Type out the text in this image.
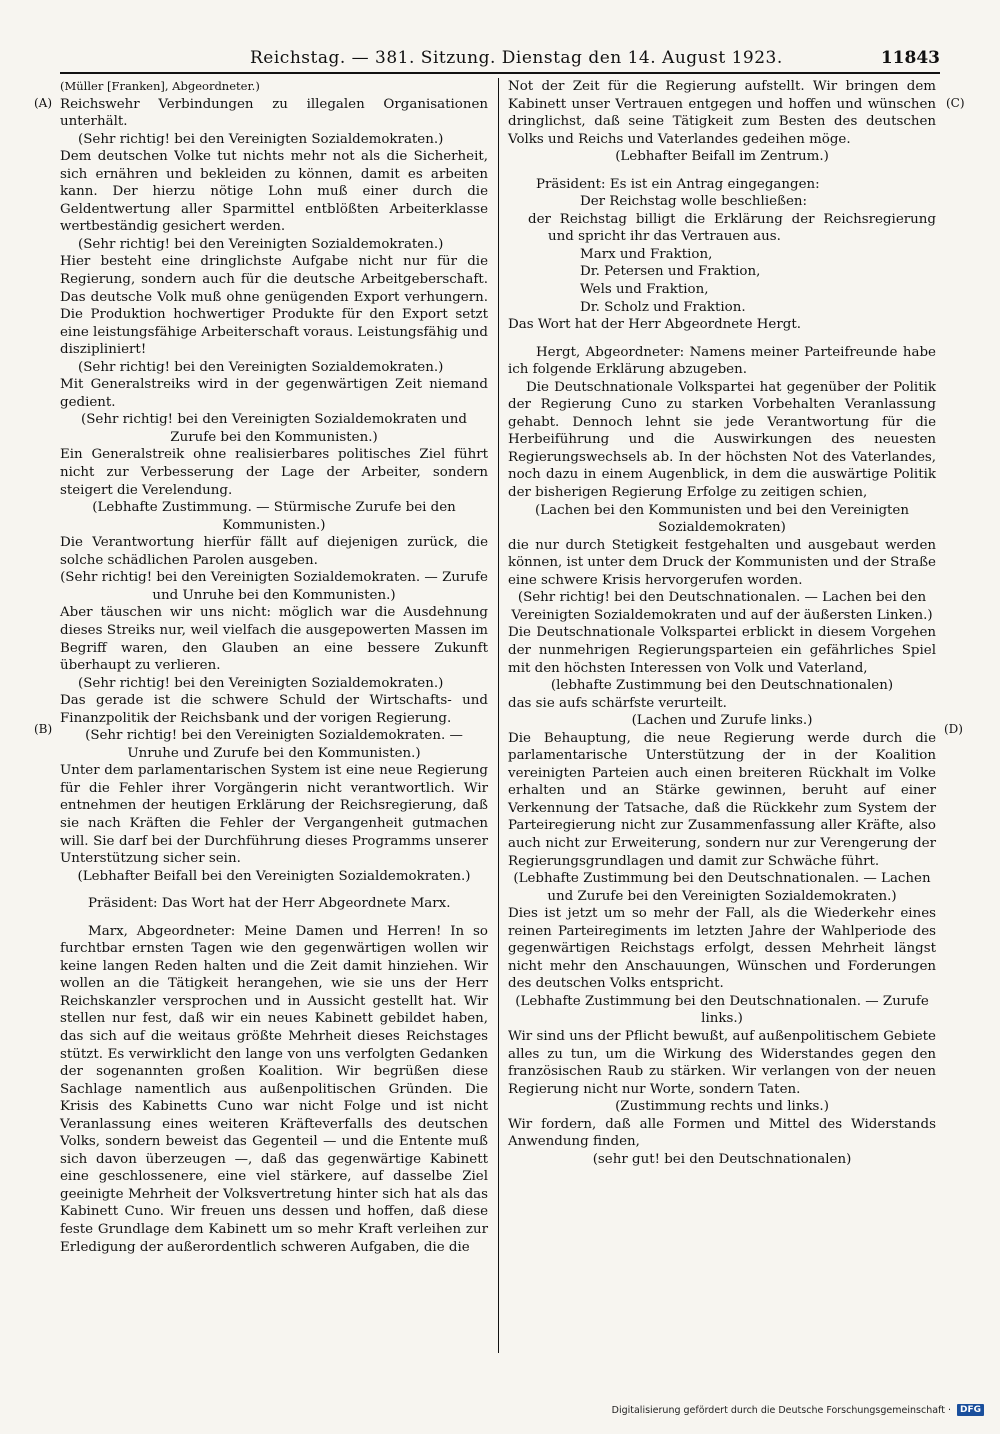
Reichstag. — 381. Sitzung. Dienstag den 14. August 1923.	11843
(A)
(B)
(C)
(D)

(Müller [Franken], Abgeordneter.)

Reichswehr Verbindungen zu illegalen Organisationen unterhält.

(Sehr richtig! bei den Vereinigten Sozialdemokraten.)

Dem deutschen Volke tut nichts mehr not als die Sicherheit, sich ernähren und bekleiden zu können, damit es arbeiten kann. Der hierzu nötige Lohn muß einer durch die Geldentwertung aller Sparmittel entblößten Arbeiterklasse wertbeständig gesichert werden.

(Sehr richtig! bei den Vereinigten Sozialdemokraten.)

Hier besteht eine dringlichste Aufgabe nicht nur für die Regierung, sondern auch für die deutsche Arbeitgeberschaft. Das deutsche Volk muß ohne genügenden Export verhungern. Die Produktion hochwertiger Produkte für den Export setzt eine leistungsfähige Arbeiterschaft voraus. Leistungsfähig und diszipliniert!

(Sehr richtig! bei den Vereinigten Sozialdemokraten.)

Mit Generalstreiks wird in der gegenwärtigen Zeit niemand gedient.

(Sehr richtig! bei den Vereinigten Sozialdemokraten und Zurufe bei den Kommunisten.)

Ein Generalstreik ohne realisierbares politisches Ziel führt nicht zur Verbesserung der Lage der Arbeiter, sondern steigert die Verelendung.

(Lebhafte Zustimmung. — Stürmische Zurufe bei den Kommunisten.)

Die Verantwortung hierfür fällt auf diejenigen zurück, die solche schädlichen Parolen ausgeben.

(Sehr richtig! bei den Vereinigten Sozialdemokraten. — Zurufe und Unruhe bei den Kommunisten.)

Aber täuschen wir uns nicht: möglich war die Ausdehnung dieses Streiks nur, weil vielfach die ausgepowerten Massen im Begriff waren, den Glauben an eine bessere Zukunft überhaupt zu verlieren.

(Sehr richtig! bei den Vereinigten Sozialdemokraten.)

Das gerade ist die schwere Schuld der Wirtschafts- und Finanzpolitik der Reichsbank und der vorigen Regierung.

(Sehr richtig! bei den Vereinigten Sozialdemokraten. — Unruhe und Zurufe bei den Kommunisten.)

Unter dem parlamentarischen System ist eine neue Regierung für die Fehler ihrer Vorgängerin nicht verantwortlich. Wir entnehmen der heutigen Erklärung der Reichsregierung, daß sie nach Kräften die Fehler der Vergangenheit gutmachen will. Sie darf bei der Durchführung dieses Programms unserer Unterstützung sicher sein.

(Lebhafter Beifall bei den Vereinigten Sozialdemokraten.)

Präsident: Das Wort hat der Herr Abgeordnete Marx.

Marx, Abgeordneter: Meine Damen und Herren! In so furchtbar ernsten Tagen wie den gegenwärtigen wollen wir keine langen Reden halten und die Zeit damit hinziehen. Wir wollen an die Tätigkeit herangehen, wie sie uns der Herr Reichskanzler versprochen und in Aussicht gestellt hat. Wir stellen nur fest, daß wir ein neues Kabinett gebildet haben, das sich auf die weitaus größte Mehrheit dieses Reichstages stützt. Es verwirklicht den lange von uns verfolgten Gedanken der sogenannten großen Koalition. Wir begrüßen diese Sachlage namentlich aus außenpolitischen Gründen. Die Krisis des Kabinetts Cuno war nicht Folge und ist nicht Veranlassung eines weiteren Kräfteverfalls des deutschen Volks, sondern beweist das Gegenteil — und die Entente muß sich davon überzeugen —, daß das gegenwärtige Kabinett eine geschlossenere, eine viel stärkere, auf dasselbe Ziel geeinigte Mehrheit der Volksvertretung hinter sich hat als das Kabinett Cuno. Wir freuen uns dessen und hoffen, daß diese feste Grundlage dem Kabinett um so mehr Kraft verleihen zur Erledigung der außerordentlich schweren Aufgaben, die die

Not der Zeit für die Regierung aufstellt. Wir bringen dem Kabinett unser Vertrauen entgegen und hoffen und wünschen dringlichst, daß seine Tätigkeit zum Besten des deutschen Volks und Reichs und Vaterlandes gedeihen möge.

(Lebhafter Beifall im Zentrum.)

Präsident: Es ist ein Antrag eingegangen:

Der Reichstag wolle beschließen:

der Reichstag billigt die Erklärung der Reichsregierung und spricht ihr das Vertrauen aus.

Marx und Fraktion,

Dr. Petersen und Fraktion,

Wels und Fraktion,

Dr. Scholz und Fraktion.

Das Wort hat der Herr Abgeordnete Hergt.

Hergt, Abgeordneter: Namens meiner Parteifreunde habe ich folgende Erklärung abzugeben.

Die Deutschnationale Volkspartei hat gegenüber der Politik der Regierung Cuno zu starken Vorbehalten Veranlassung gehabt. Dennoch lehnt sie jede Verantwortung für die Herbeiführung und die Auswirkungen des neuesten Regierungswechsels ab. In der höchsten Not des Vaterlandes, noch dazu in einem Augenblick, in dem die auswärtige Politik der bisherigen Regierung Erfolge zu zeitigen schien,

(Lachen bei den Kommunisten und bei den Vereinigten Sozialdemokraten)

die nur durch Stetigkeit festgehalten und ausgebaut werden können, ist unter dem Druck der Kommunisten und der Straße eine schwere Krisis hervorgerufen worden.

(Sehr richtig! bei den Deutschnationalen. — Lachen bei den Vereinigten Sozialdemokraten und auf der äußersten Linken.)

Die Deutschnationale Volkspartei erblickt in diesem Vorgehen der nunmehrigen Regierungsparteien ein gefährliches Spiel mit den höchsten Interessen von Volk und Vaterland,

(lebhafte Zustimmung bei den Deutschnationalen)

das sie aufs schärfste verurteilt.

(Lachen und Zurufe links.)

Die Behauptung, die neue Regierung werde durch die parlamentarische Unterstützung der in der Koalition vereinigten Parteien auch einen breiteren Rückhalt im Volke erhalten und an Stärke gewinnen, beruht auf einer Verkennung der Tatsache, daß die Rückkehr zum System der Parteiregierung nicht zur Zusammenfassung aller Kräfte, also auch nicht zur Erweiterung, sondern nur zur Verengerung der Regierungsgrundlagen und damit zur Schwäche führt.

(Lebhafte Zustimmung bei den Deutschnationalen. — Lachen und Zurufe bei den Vereinigten Sozialdemokraten.)

Dies ist jetzt um so mehr der Fall, als die Wiederkehr eines reinen Parteiregiments im letzten Jahre der Wahlperiode des gegenwärtigen Reichstags erfolgt, dessen Mehrheit längst nicht mehr den Anschauungen, Wünschen und Forderungen des deutschen Volks entspricht.

(Lebhafte Zustimmung bei den Deutschnationalen. — Zurufe links.)

Wir sind uns der Pflicht bewußt, auf außenpolitischem Gebiete alles zu tun, um die Wirkung des Widerstandes gegen den französischen Raub zu stärken. Wir verlangen von der neuen Regierung nicht nur Worte, sondern Taten.

(Zustimmung rechts und links.)

Wir fordern, daß alle Formen und Mittel des Widerstands Anwendung finden,

(sehr gut! bei den Deutschnationalen)

Digitalisierung gefördert durch die Deutsche Forschungsgemeinschaft ·	DFG
